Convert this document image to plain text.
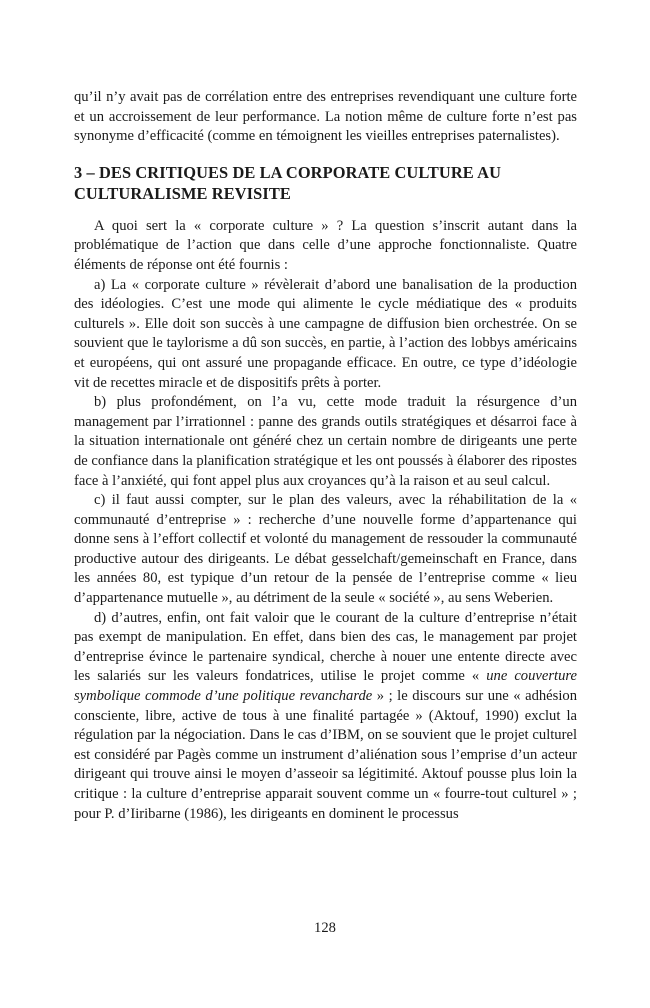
qu’il n’y avait pas de corrélation entre des entreprises revendiquant une culture forte et un accroissement de leur performance. La notion même de culture forte n’est pas synonyme d’efficacité (comme en témoignent les vieilles entreprises paternalistes).

3 – DES CRITIQUES DE LA CORPORATE CULTURE AU CULTURALISME REVISITE

A quoi sert la « corporate culture » ? La question s’inscrit autant dans la problématique de l’action que dans celle d’une approche fonctionnaliste. Quatre éléments de réponse ont été fournis :

a) La « corporate culture » révèlerait d’abord une banalisation de la production des idéologies. C’est une mode qui alimente le cycle médiatique des « produits culturels ». Elle doit son succès à une campagne de diffusion bien orchestrée. On se souvient que le taylorisme a dû son succès, en partie, à l’action des lobbys américains et européens, qui ont assuré une propagande efficace. En outre, ce type d’idéologie vit de recettes miracle et de dispositifs prêts à porter.

b) plus profondément, on l’a vu, cette mode traduit la résurgence d’un management par l’irrationnel : panne des grands outils stratégiques et désarroi face à la situation internationale ont généré chez un certain nombre de dirigeants une perte de confiance dans la planification stratégique et les ont poussés à élaborer des ripostes face à l’anxiété, qui font appel plus aux croyances qu’à la raison et au seul calcul.

c) il faut aussi compter, sur le plan des valeurs, avec la réhabilitation de la « communauté d’entreprise » : recherche d’une nouvelle forme d’appartenance qui donne sens à l’effort collectif et volonté du management de ressouder la communauté productive autour des dirigeants. Le débat gesselchaft/gemeinschaft en France, dans les années 80, est typique d’un retour de la pensée de l’entreprise comme « lieu d’appartenance mutuelle », au détriment de la seule « société », au sens Weberien.

d) d’autres, enfin, ont fait valoir que le courant de la culture d’entreprise n’était pas exempt de manipulation. En effet, dans bien des cas, le management par projet d’entreprise évince le partenaire syndical, cherche à nouer une entente directe avec les salariés sur les valeurs fondatrices, utilise le projet comme « une couverture symbolique commode d’une politique revancharde » ; le discours sur une « adhésion consciente, libre, active de tous à une finalité partagée » (Aktouf, 1990) exclut la régulation par la négociation. Dans le cas d’IBM, on se souvient que le projet culturel est considéré par Pagès comme un instrument d’aliénation sous l’emprise d’un acteur dirigeant qui trouve ainsi le moyen d’asseoir sa légitimité. Aktouf pousse plus loin la critique : la culture d’entreprise apparait souvent comme un « fourre-tout culturel » ; pour P. d’Iiribarne (1986), les dirigeants en dominent le processus

128
